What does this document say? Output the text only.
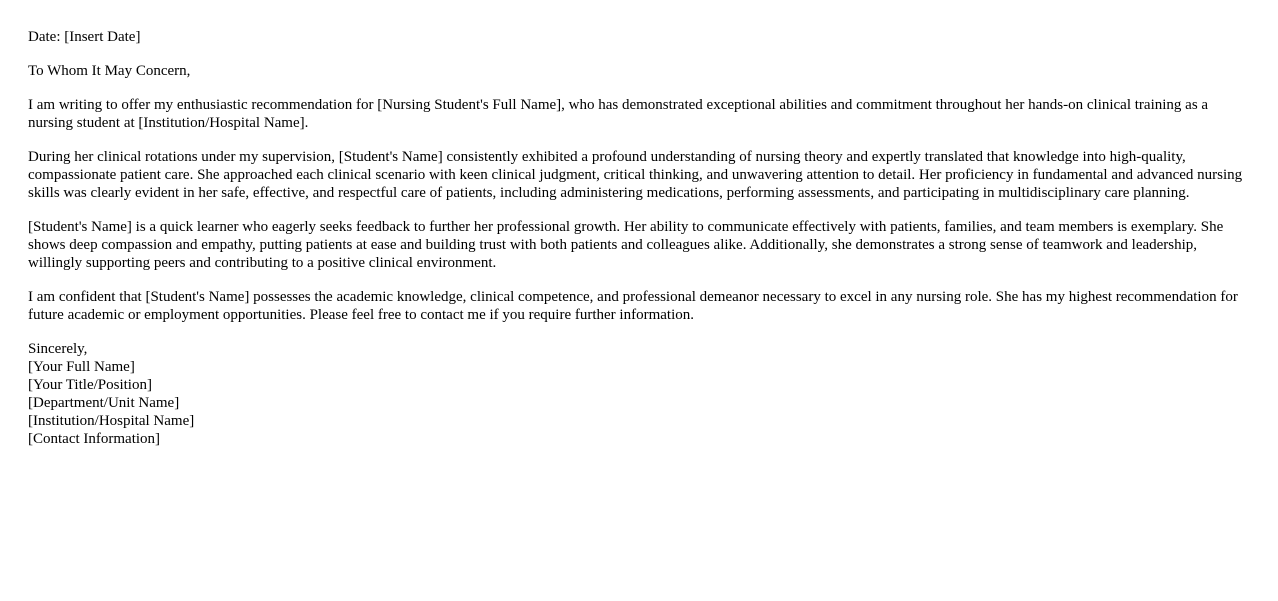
Date: [Insert Date]

To Whom It May Concern,

I am writing to offer my enthusiastic recommendation for [Nursing Student's Full Name], who has demonstrated exceptional abilities and commitment throughout her hands-on clinical training as a nursing student at [Institution/Hospital Name].

During her clinical rotations under my supervision, [Student's Name] consistently exhibited a profound understanding of nursing theory and expertly translated that knowledge into high-quality, compassionate patient care. She approached each clinical scenario with keen clinical judgment, critical thinking, and unwavering attention to detail. Her proficiency in fundamental and advanced nursing skills was clearly evident in her safe, effective, and respectful care of patients, including administering medications, performing assessments, and participating in multidisciplinary care planning.

[Student's Name] is a quick learner who eagerly seeks feedback to further her professional growth. Her ability to communicate effectively with patients, families, and team members is exemplary. She shows deep compassion and empathy, putting patients at ease and building trust with both patients and colleagues alike. Additionally, she demonstrates a strong sense of teamwork and leadership, willingly supporting peers and contributing to a positive clinical environment.

I am confident that [Student's Name] possesses the academic knowledge, clinical competence, and professional demeanor necessary to excel in any nursing role. She has my highest recommendation for future academic or employment opportunities. Please feel free to contact me if you require further information.

Sincerely,
[Your Full Name]
[Your Title/Position]
[Department/Unit Name]
[Institution/Hospital Name]
[Contact Information]
